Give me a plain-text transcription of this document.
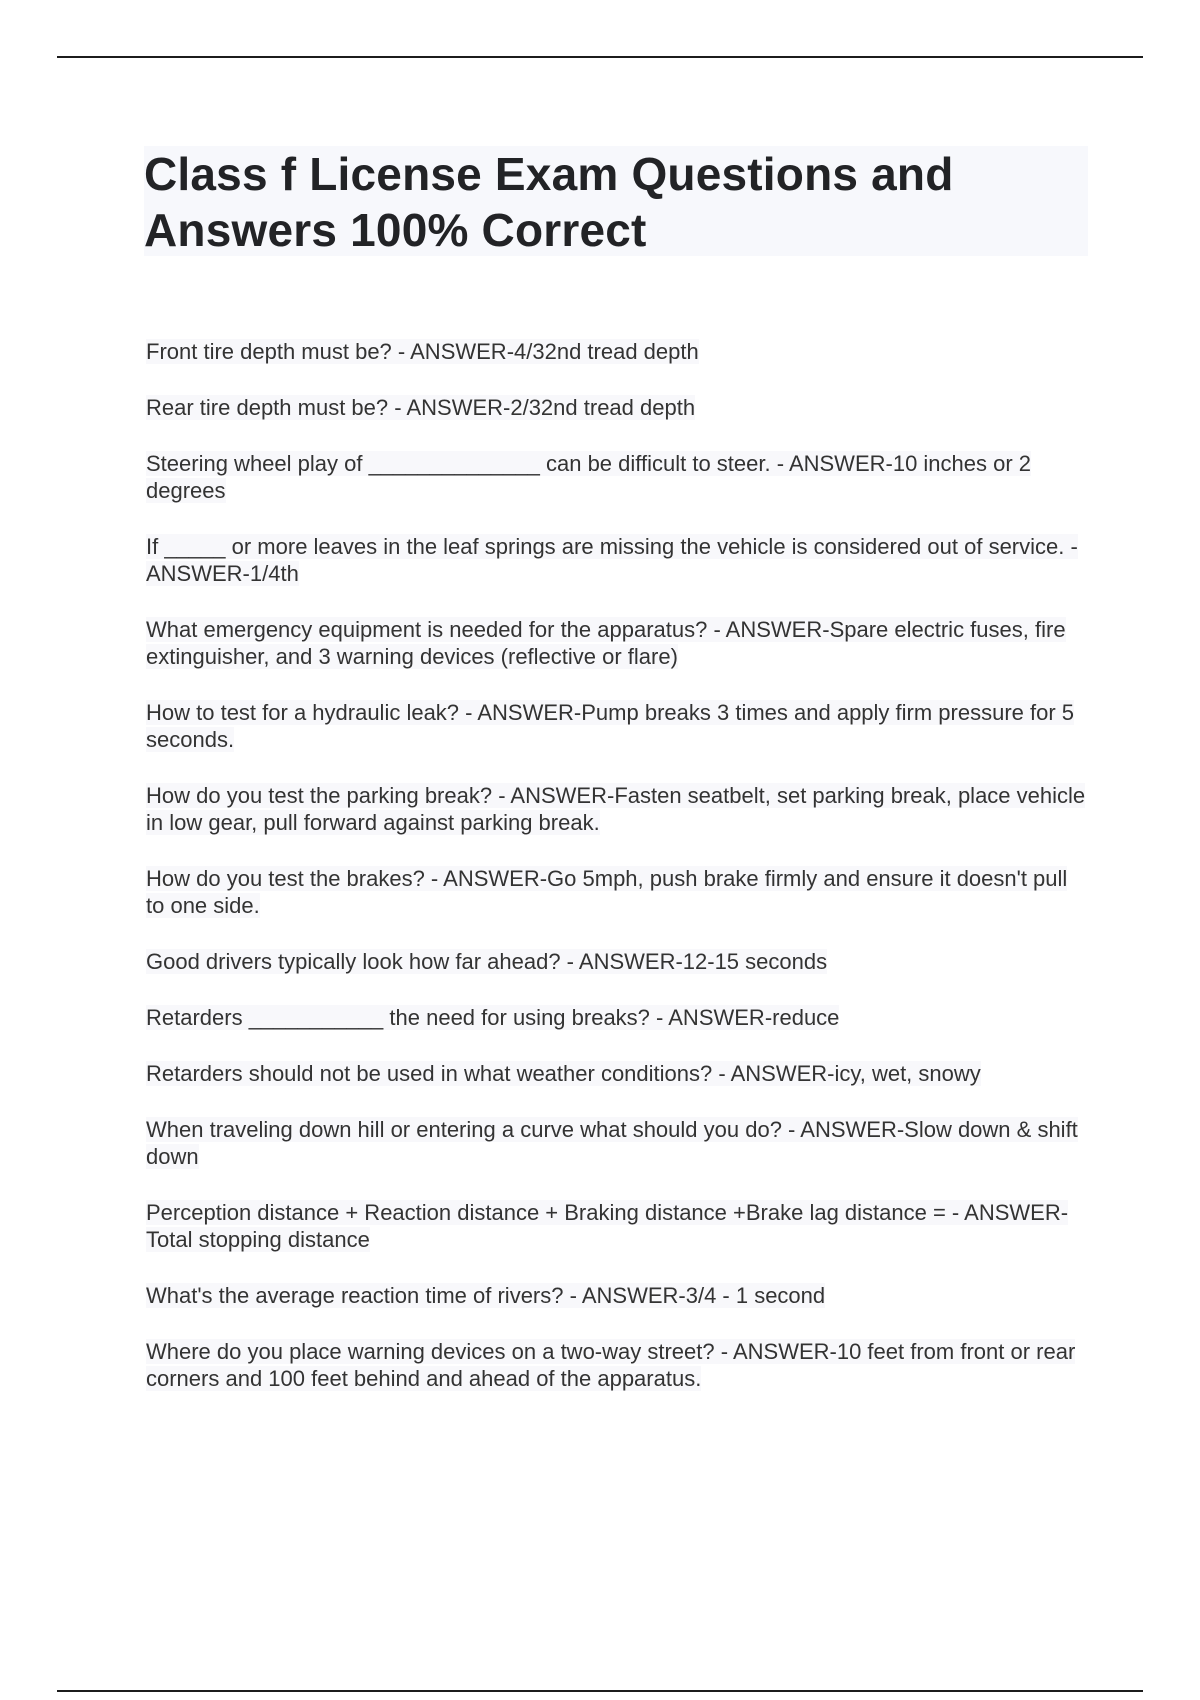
Class f License Exam Questions and Answers 100% Correct

Front tire depth must be? - ANSWER-4/32nd tread depth

Rear tire depth must be? - ANSWER-2/32nd tread depth

Steering wheel play of ______________ can be difficult to steer. - ANSWER-10 inches or 2 degrees

If _____ or more leaves in the leaf springs are missing the vehicle is considered out of service. - ANSWER-1/4th

What emergency equipment is needed for the apparatus? - ANSWER-Spare electric fuses, fire extinguisher, and 3 warning devices (reflective or flare)

How to test for a hydraulic leak? - ANSWER-Pump breaks 3 times and apply firm pressure for 5 seconds.

How do you test the parking break? - ANSWER-Fasten seatbelt, set parking break, place vehicle in low gear, pull forward against parking break.

How do you test the brakes? - ANSWER-Go 5mph, push brake firmly and ensure it doesn't pull to one side.

Good drivers typically look how far ahead? - ANSWER-12-15 seconds

Retarders ___________ the need for using breaks? - ANSWER-reduce

Retarders should not be used in what weather conditions? - ANSWER-icy, wet, snowy

When traveling down hill or entering a curve what should you do? - ANSWER-Slow down & shift down

Perception distance + Reaction distance + Braking distance +Brake lag distance = - ANSWER-Total stopping distance

What's the average reaction time of rivers? - ANSWER-3/4 - 1 second

Where do you place warning devices on a two-way street? - ANSWER-10 feet from front or rear corners and 100 feet behind and ahead of the apparatus.
